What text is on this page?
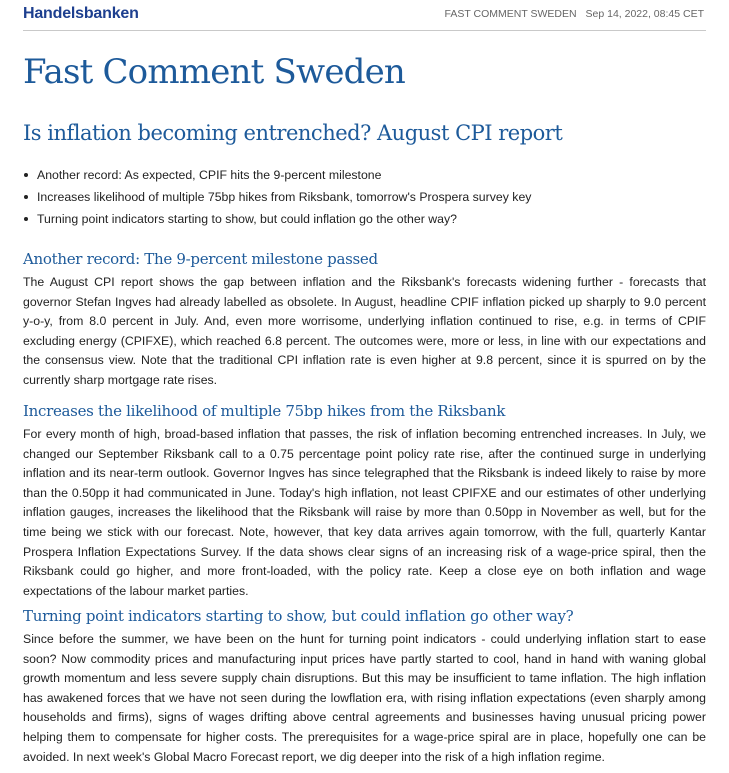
Handelsbanken	FAST COMMENT SWEDEN Sep 14, 2022, 08:45 CET
Fast Comment Sweden
Is inflation becoming entrenched? August CPI report
Another record: As expected, CPIF hits the 9-percent milestone
Increases likelihood of multiple 75bp hikes from Riksbank, tomorrow's Prospera survey key
Turning point indicators starting to show, but could inflation go the other way?
Another record: The 9-percent milestone passed

The August CPI report shows the gap between inflation and the Riksbank's forecasts widening further - forecasts that governor Stefan Ingves had already labelled as obsolete. In August, headline CPIF inflation picked up sharply to 9.0 percent y-o-y, from 8.0 percent in July. And, even more worrisome, underlying inflation continued to rise, e.g. in terms of CPIF excluding energy (CPIFXE), which reached 6.8 percent. The outcomes were, more or less, in line with our expectations and the consensus view. Note that the traditional CPI inflation rate is even higher at 9.8 percent, since it is spurred on by the currently sharp mortgage rate rises.

Increases the likelihood of multiple 75bp hikes from the Riksbank

For every month of high, broad-based inflation that passes, the risk of inflation becoming entrenched increases. In July, we changed our September Riksbank call to a 0.75 percentage point policy rate rise, after the continued surge in underlying inflation and its near-term outlook. Governor Ingves has since telegraphed that the Riksbank is indeed likely to raise by more than the 0.50pp it had communicated in June. Today's high inflation, not least CPIFXE and our estimates of other underlying inflation gauges, increases the likelihood that the Riksbank will raise by more than 0.50pp in November as well, but for the time being we stick with our forecast. Note, however, that key data arrives again tomorrow, with the full, quarterly Kantar Prospera Inflation Expectations Survey. If the data shows clear signs of an increasing risk of a wage-price spiral, then the Riksbank could go higher, and more front-loaded, with the policy rate. Keep a close eye on both inflation and wage expectations of the labour market parties.

Turning point indicators starting to show, but could inflation go other way?

Since before the summer, we have been on the hunt for turning point indicators - could underlying inflation start to ease soon? Now commodity prices and manufacturing input prices have partly started to cool, hand in hand with waning global growth momentum and less severe supply chain disruptions. But this may be insufficient to tame inflation. The high inflation has awakened forces that we have not seen during the lowflation era, with rising inflation expectations (even sharply among households and firms), signs of wages drifting above central agreements and businesses having unusual pricing power helping them to compensate for higher costs. The prerequisites for a wage-price spiral are in place, hopefully one can be avoided. In next week's Global Macro Forecast report, we dig deeper into the risk of a high inflation regime.
